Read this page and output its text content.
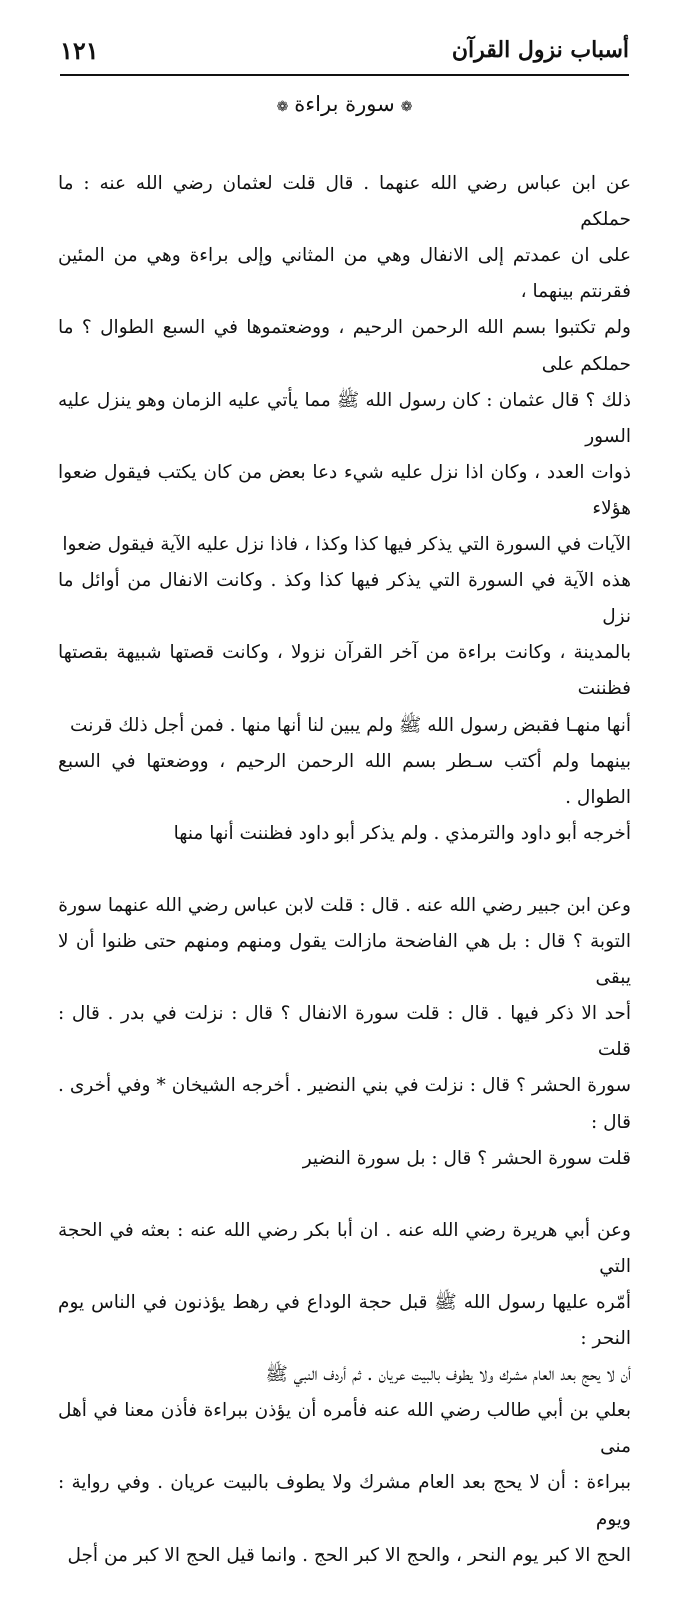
١٢١	أسباب نزول القرآن
❁سورة براءة❁

عن ابن عباس رضي الله عنهما . قال قلت لعثمان رضي الله عنه : ما حملكم
على ان عمدتم إلى الانفال وهي من المثاني وإلى براءة وهي من المئين فقرنتم بينهما ،
ولم تكتبوا بسم الله الرحمن الرحيم ، ووضعتموها في السبع الطوال ؟ ما حملكم على
ذلك ؟ قال عثمان : كان رسول الله ﷺ مما يأتي عليه الزمان وهو ينزل عليه السور
ذوات العدد ، وكان اذا نزل عليه شيء دعا بعض من كان يكتب فيقول ضعوا هؤلاء
الآيات في السورة التي يذكر فيها كذا وكذا ، فاذا نزل عليه الآية فيقول ضعوا
هذه الآية في السورة التي يذكر فيها كذا وكذ . وكانت الانفال من أوائل ما نزل
بالمدينة ، وكانت براءة من آخر القرآن نزولا ، وكانت قصتها شبيهة بقصتها فظننت
أنها منهـا فقبض رسول الله ﷺ ولم يبين لنا أنها منها . فمن أجل ذلك قرنت
بينهما ولم أكتب سـطر بسم الله الرحمن الرحيم ، ووضعتها في السبع الطوال .
أخرجه أبو داود والترمذي . ولم يذكر أبو داود فظننت أنها منها

وعن ابن جبير رضي الله عنه . قال : قلت لابن عباس رضي الله عنهما سورة
التوبة ؟ قال : بل هي الفاضحة مازالت يقول ومنهم ومنهم حتى ظنوا أن لا يبقى
أحد الا ذكر فيها . قال : قلت سورة الانفال ؟ قال : نزلت في بدر . قال : قلت
سورة الحشر ؟ قال : نزلت في بني النضير . أخرجه الشيخان * وفي أخرى . قال :
قلت سورة الحشر ؟ قال : بل سورة النضير

وعن أبي هريرة رضي الله عنه . ان أبا بكر رضي الله عنه : بعثه في الحجة التي
أمّره عليها رسول الله ﷺ قبل حجة الوداع في رهط يؤذنون في الناس يوم النحر :
أن لا يحج بعد العام مشرك ولا يطوف بالبيت عريان . ثم أردف النبي ﷺ
بعلي بن أبي طالب رضي الله عنه فأمره أن يؤذن ببراءة فأذن معنا في أهل منى
ببراءة : أن لا يحج بعد العام مشرك ولا يطوف بالبيت عريان . وفي رواية : ويوم
الحج الا كبر يوم النحر ، والحج الا كبر الحج . وانما قيل الحج الا كبر من أجل
